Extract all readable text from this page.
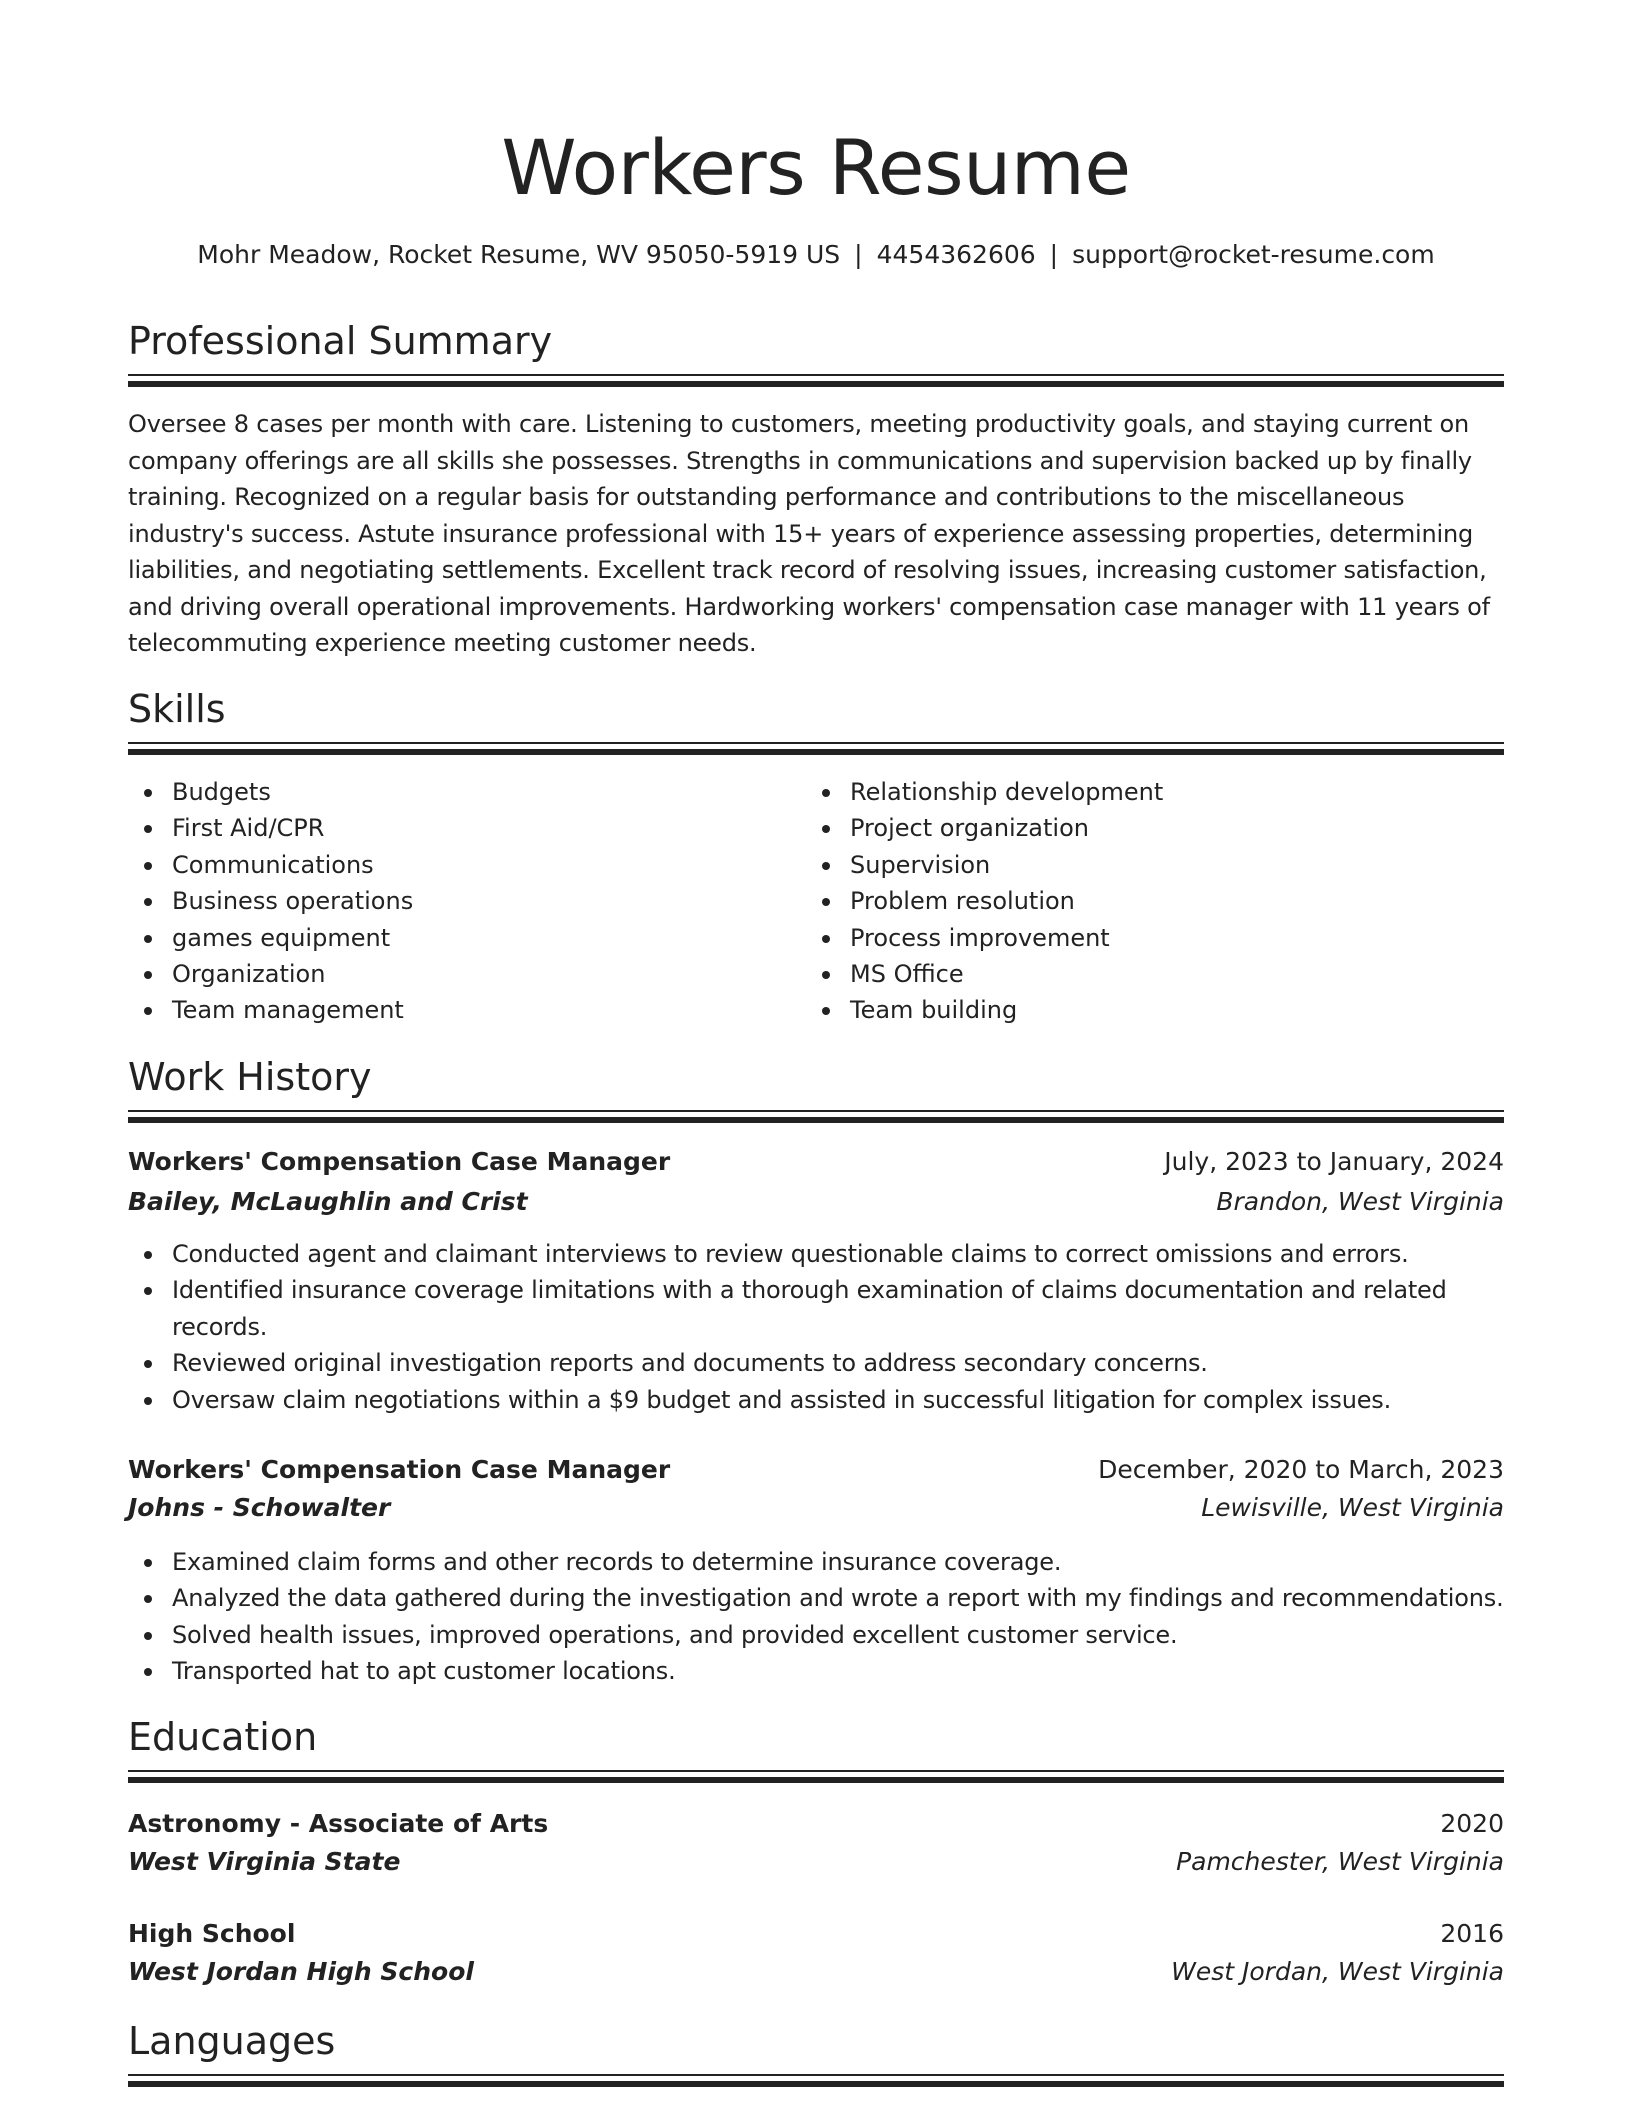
Workers Resume
Mohr Meadow, Rocket Resume, WV 95050-5919 US | 4454362606 | support@rocket-resume.com
Professional Summary

Oversee 8 cases per month with care. Listening to customers, meeting productivity goals, and staying current on company offerings are all skills she possesses. Strengths in communications and supervision backed up by finally training. Recognized on a regular basis for outstanding performance and contributions to the miscellaneous industry's success. Astute insurance professional with 15+ years of experience assessing properties, determining liabilities, and negotiating settlements. Excellent track record of resolving issues, increasing customer satisfaction, and driving overall operational improvements. Hardworking workers' compensation case manager with 11 years of telecommuting experience meeting customer needs.

Skills
Budgets
First Aid/CPR
Communications
Business operations
games equipment
Organization
Team management
Relationship development
Project organization
Supervision
Problem resolution
Process improvement
MS Office
Team building
Work History
Workers' Compensation Case Manager	July, 2023 to January, 2024
Bailey, McLaughlin and Crist	Brandon, West Virginia
Conducted agent and claimant interviews to review questionable claims to correct omissions and errors.
Identified insurance coverage limitations with a thorough examination of claims documentation and related records.
Reviewed original investigation reports and documents to address secondary concerns.
Oversaw claim negotiations within a $9 budget and assisted in successful litigation for complex issues.
Workers' Compensation Case Manager	December, 2020 to March, 2023
Johns - Schowalter	Lewisville, West Virginia
Examined claim forms and other records to determine insurance coverage.
Analyzed the data gathered during the investigation and wrote a report with my findings and recommendations.
Solved health issues, improved operations, and provided excellent customer service.
Transported hat to apt customer locations.
Education
Astronomy - Associate of Arts	2020
West Virginia State	Pamchester, West Virginia
High School	2016
West Jordan High School	West Jordan, West Virginia
Languages
